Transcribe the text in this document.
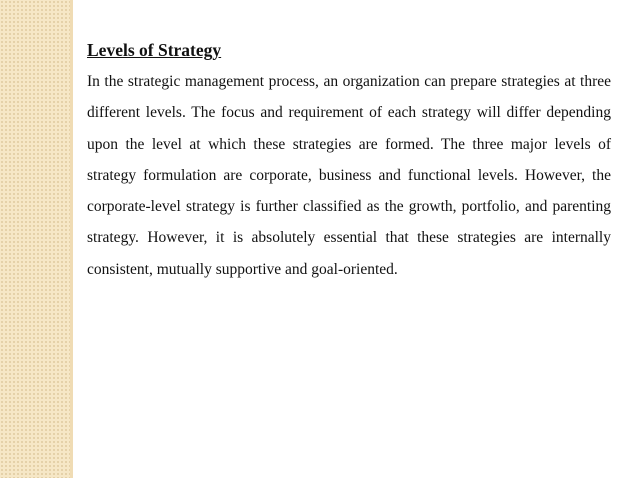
Levels of Strategy

In the strategic management process, an organization can prepare strategies at three different levels. The focus and requirement of each strategy will differ depending upon the level at which these strategies are formed. The three major levels of strategy formulation are corporate, business and functional levels. However, the corporate-level strategy is further classified as the growth, portfolio, and parenting strategy. However, it is absolutely essential that these strategies are internally consistent, mutually supportive and goal-oriented.
